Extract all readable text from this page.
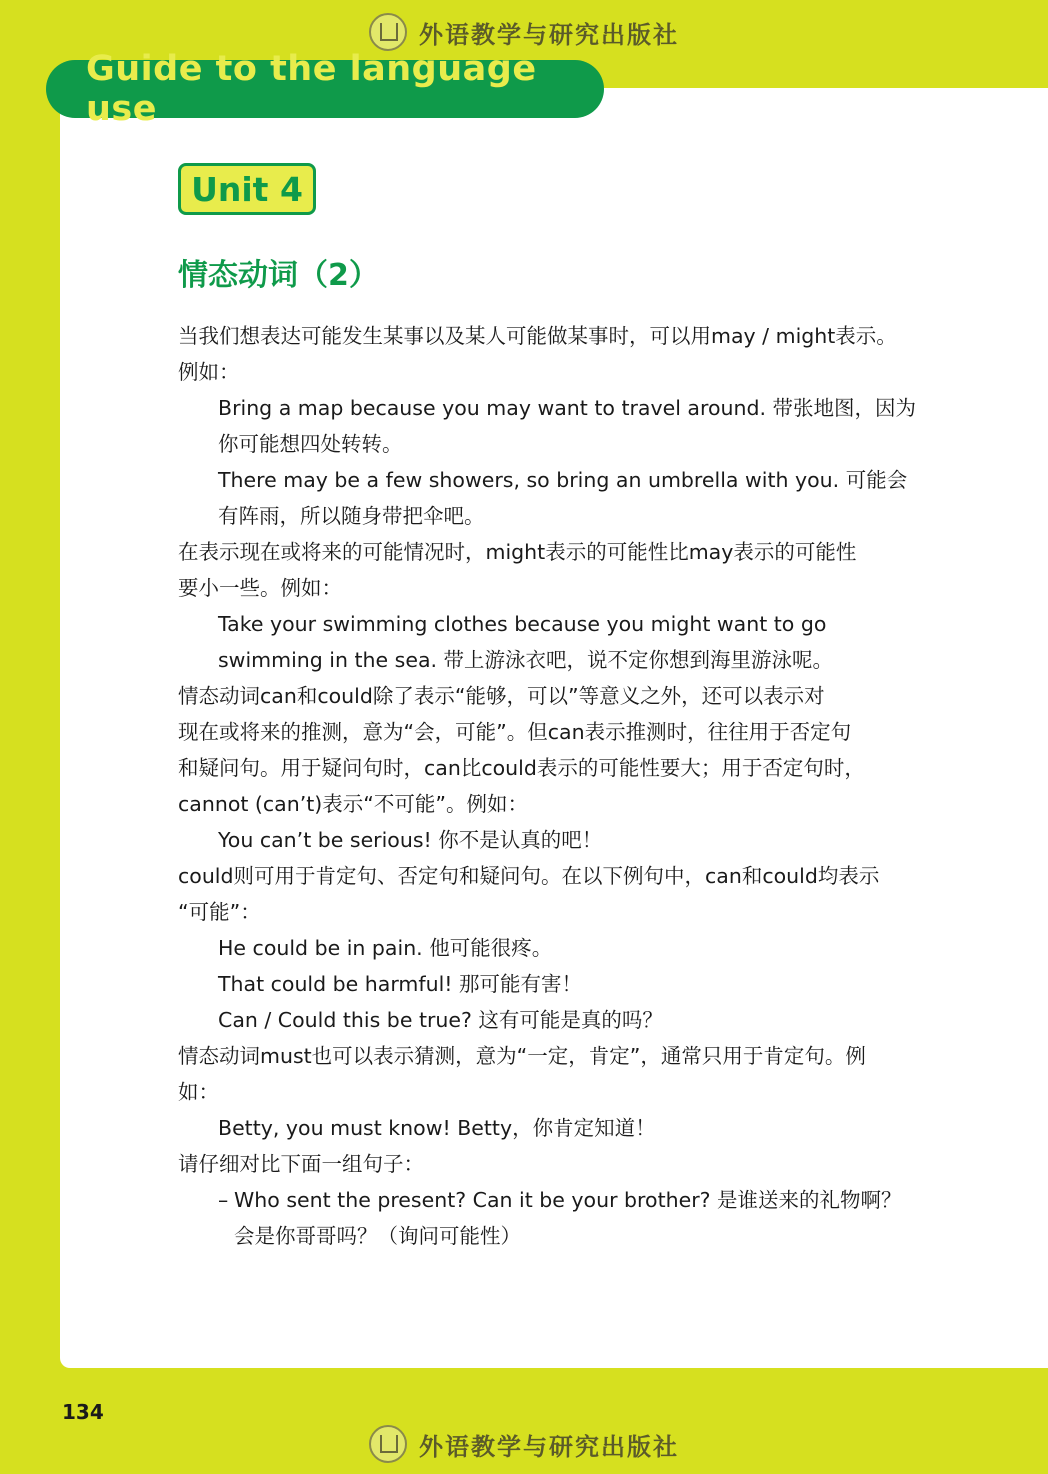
外语教学与研究出版社
Guide to the language use
Unit 4
情态动词（2）
当我们想表达可能发生某事以及某人可能做某事时，可以用may / might表示。
例如：
Bring a map because you may want to travel around. 带张地图，因为
你可能想四处转转。
There may be a few showers, so bring an umbrella with you. 可能会
有阵雨，所以随身带把伞吧。
在表示现在或将来的可能情况时，might表示的可能性比may表示的可能性
要小一些。例如：
Take your swimming clothes because you might want to go
swimming in the sea. 带上游泳衣吧，说不定你想到海里游泳呢。
情态动词can和could除了表示“能够，可以”等意义之外，还可以表示对
现在或将来的推测，意为“会，可能”。但can表示推测时，往往用于否定句
和疑问句。用于疑问句时，can比could表示的可能性要大；用于否定句时，
cannot (can’t)表示“不可能”。例如：
You can’t be serious! 你不是认真的吧！
could则可用于肯定句、否定句和疑问句。在以下例句中，can和could均表示
“可能”：
He could be in pain. 他可能很疼。
That could be harmful! 那可能有害！
Can / Could this be true? 这有可能是真的吗？
情态动词must也可以表示猜测，意为“一定，肯定”，通常只用于肯定句。例
如：
Betty, you must know! Betty，你肯定知道！
请仔细对比下面一组句子：
– Who sent the present? Can it be your brother? 是谁送来的礼物啊？
会是你哥哥吗？（询问可能性）
134
外语教学与研究出版社
